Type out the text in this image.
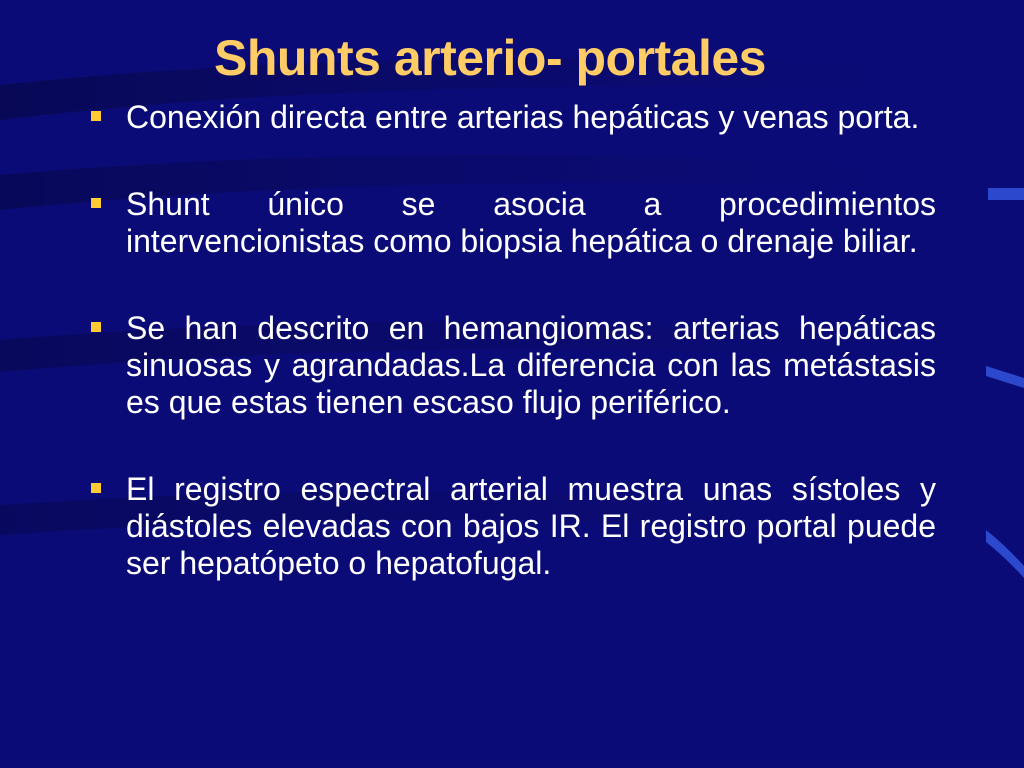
Shunts arterio- portales
Conexión directa entre arterias hepáticas y venas porta.
Shunt único se asocia a procedimientos intervencionistas como biopsia hepática o drenaje biliar.
Se han descrito en hemangiomas: arterias hepáticas sinuosas y agrandadas.La diferencia con las metástasis es que estas tienen escaso flujo periférico.
El registro espectral arterial muestra unas sístoles y diástoles elevadas con bajos IR. El registro portal puede ser hepatópeto o hepatofugal.
